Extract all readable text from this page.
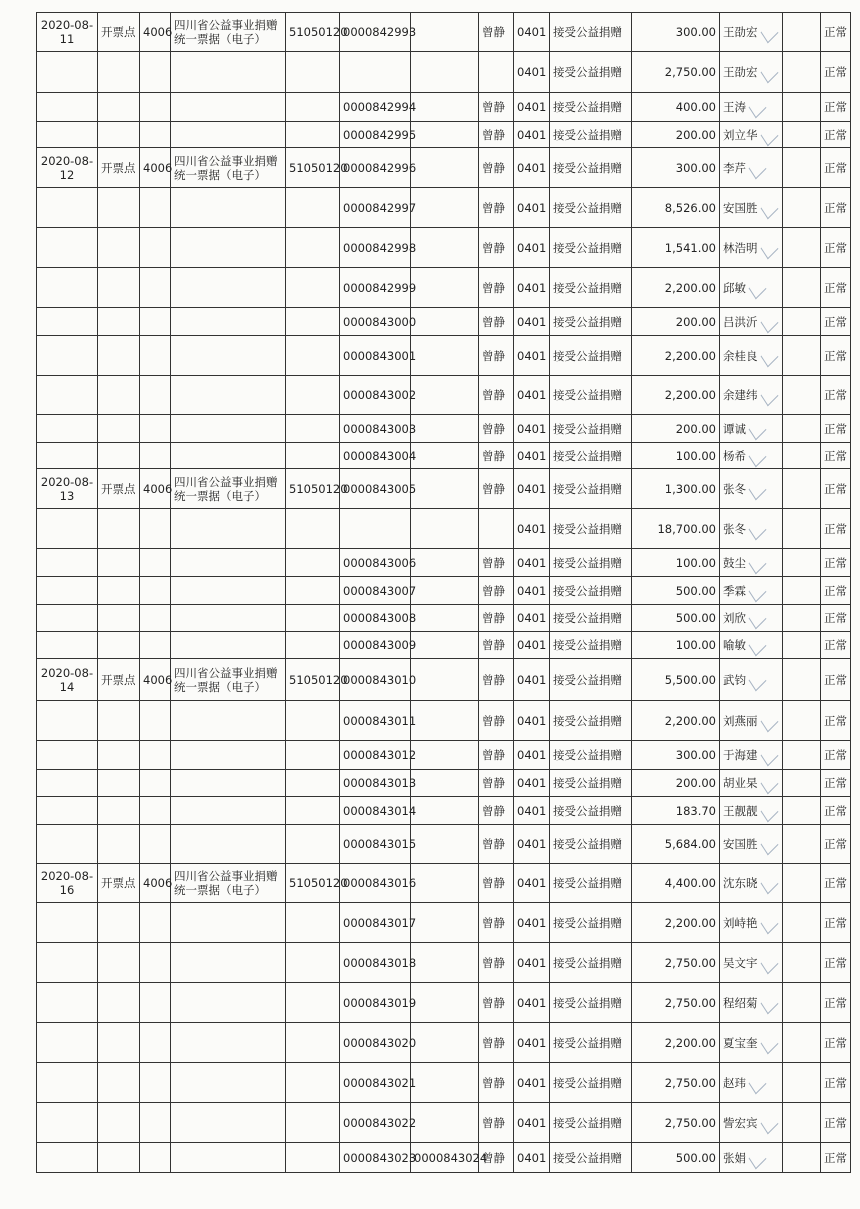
2020-08-11	开票点	4006	四川省公益事业捐赠统一票据（电子）	51050120	0000842993		曾静	0401	接受公益捐赠	300.00	王劭宏		正常
								0401	接受公益捐赠	2,750.00	王劭宏		正常
					0000842994		曾静	0401	接受公益捐赠	400.00	王涛		正常
					0000842995		曾静	0401	接受公益捐赠	200.00	刘立华		正常
2020-08-12	开票点	4006	四川省公益事业捐赠统一票据（电子）	51050120	0000842996		曾静	0401	接受公益捐赠	300.00	李芹		正常
					0000842997		曾静	0401	接受公益捐赠	8,526.00	安国胜		正常
					0000842998		曾静	0401	接受公益捐赠	1,541.00	林浩明		正常
					0000842999		曾静	0401	接受公益捐赠	2,200.00	邱敏		正常
					0000843000		曾静	0401	接受公益捐赠	200.00	吕洪沂		正常
					0000843001		曾静	0401	接受公益捐赠	2,200.00	余桂良		正常
					0000843002		曾静	0401	接受公益捐赠	2,200.00	余建纬		正常
					0000843003		曾静	0401	接受公益捐赠	200.00	谭诚		正常
					0000843004		曾静	0401	接受公益捐赠	100.00	杨希		正常
2020-08-13	开票点	4006	四川省公益事业捐赠统一票据（电子）	51050120	0000843005		曾静	0401	接受公益捐赠	1,300.00	张冬		正常
								0401	接受公益捐赠	18,700.00	张冬		正常
					0000843006		曾静	0401	接受公益捐赠	100.00	鼓尘		正常
					0000843007		曾静	0401	接受公益捐赠	500.00	季霖		正常
					0000843008		曾静	0401	接受公益捐赠	500.00	刘欣		正常
					0000843009		曾静	0401	接受公益捐赠	100.00	喻敏		正常
2020-08-14	开票点	4006	四川省公益事业捐赠统一票据（电子）	51050120	0000843010		曾静	0401	接受公益捐赠	5,500.00	武钧		正常
					0000843011		曾静	0401	接受公益捐赠	2,200.00	刘燕丽		正常
					0000843012		曾静	0401	接受公益捐赠	300.00	于海建		正常
					0000843013		曾静	0401	接受公益捐赠	200.00	胡业杲		正常
					0000843014		曾静	0401	接受公益捐赠	183.70	王靓靓		正常
					0000843015		曾静	0401	接受公益捐赠	5,684.00	安国胜		正常
2020-08-16	开票点	4006	四川省公益事业捐赠统一票据（电子）	51050120	0000843016		曾静	0401	接受公益捐赠	4,400.00	沈东晓		正常
					0000843017		曾静	0401	接受公益捐赠	2,200.00	刘峙艳		正常
					0000843018		曾静	0401	接受公益捐赠	2,750.00	吴文宇		正常
					0000843019		曾静	0401	接受公益捐赠	2,750.00	程绍菊		正常
					0000843020		曾静	0401	接受公益捐赠	2,200.00	夏宝奎		正常
					0000843021		曾静	0401	接受公益捐赠	2,750.00	赵玮		正常
					0000843022		曾静	0401	接受公益捐赠	2,750.00	訾宏宾		正常
					0000843023	0000843024	曾静	0401	接受公益捐赠	500.00	张娟		正常
